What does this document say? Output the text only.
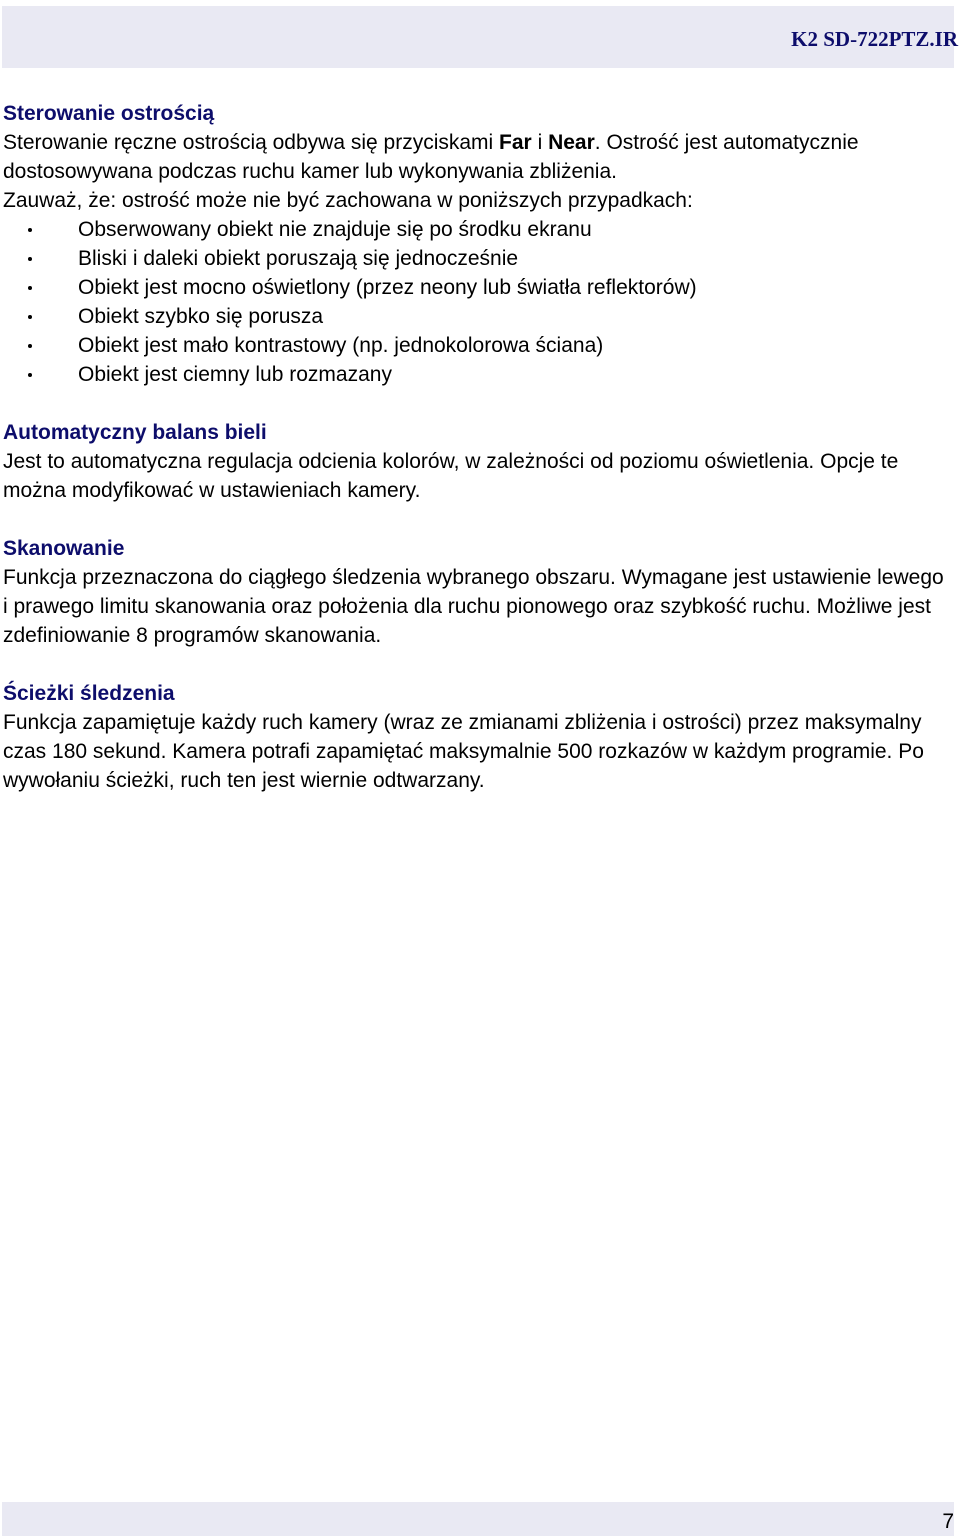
K2 SD-722PTZ.IR

Sterowanie ostrością

Sterowanie ręczne ostrością odbywa się przyciskami Far i Near. Ostrość jest automatycznie dostosowywana podczas ruchu kamer lub wykonywania zbliżenia.

Zauważ, że: ostrość może nie być zachowana w poniższych przypadkach:

Obserwowany obiekt nie znajduje się po środku ekranu
Bliski i daleki obiekt poruszają się jednocześnie
Obiekt jest mocno oświetlony (przez neony lub światła reflektorów)
Obiekt szybko się porusza
Obiekt jest mało kontrastowy (np. jednokolorowa ściana)
Obiekt jest ciemny lub rozmazany

Automatyczny balans bieli

Jest to automatyczna regulacja odcienia kolorów, w zależności od poziomu oświetlenia. Opcje te można modyfikować w ustawieniach kamery.

Skanowanie

Funkcja przeznaczona do ciągłego śledzenia wybranego obszaru. Wymagane jest ustawienie lewego i prawego limitu skanowania oraz położenia dla ruchu pionowego oraz szybkość ruchu. Możliwe jest zdefiniowanie 8 programów skanowania.

Ścieżki śledzenia

Funkcja zapamiętuje każdy ruch kamery (wraz ze zmianami zbliżenia i ostrości) przez maksymalny czas 180 sekund. Kamera potrafi zapamiętać maksymalnie 500 rozkazów w każdym programie. Po wywołaniu ścieżki, ruch ten jest wiernie odtwarzany.

7
